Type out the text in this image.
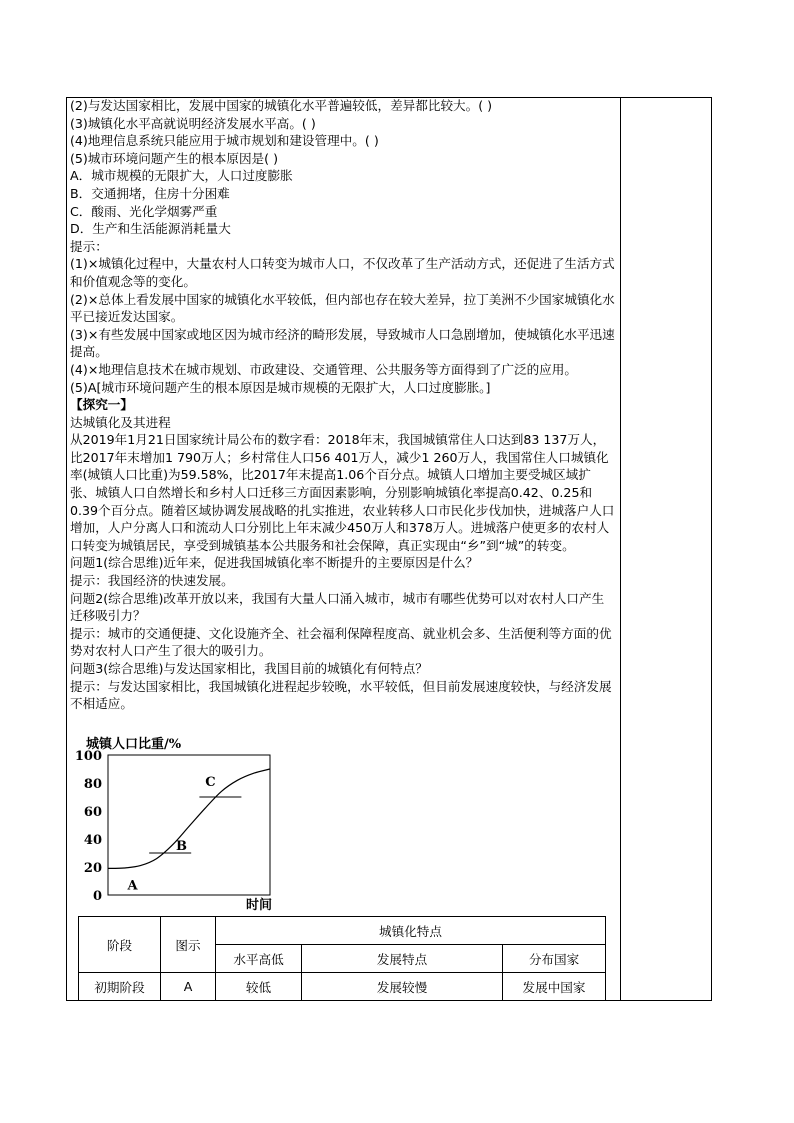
(2)与发达国家相比，发展中国家的城镇化水平普遍较低，差异都比较大。( )

(3)城镇化水平高就说明经济发展水平高。( )

(4)地理信息系统只能应用于城市规划和建设管理中。( )

(5)城市环境问题产生的根本原因是( )

A．城市规模的无限扩大，人口过度膨胀

B．交通拥堵，住房十分困难

C．酸雨、光化学烟雾严重

D．生产和生活能源消耗量大

提示：

(1)×城镇化过程中，大量农村人口转变为城市人口，不仅改革了生产活动方式，还促进了生活方式和价值观念等的变化。

(2)×总体上看发展中国家的城镇化水平较低，但内部也存在较大差异，拉丁美洲不少国家城镇化水平已接近发达国家。

(3)×有些发展中国家或地区因为城市经济的畸形发展，导致城市人口急剧增加，使城镇化水平迅速提高。

(4)×地理信息技术在城市规划、市政建设、交通管理、公共服务等方面得到了广泛的应用。

(5)A[城市环境问题产生的根本原因是城市规模的无限扩大，人口过度膨胀。]

【探究一】

达城镇化及其进程

从2019年1月21日国家统计局公布的数字看：2018年末，我国城镇常住人口达到83 137万人，比2017年末增加1 790万人；乡村常住人口56 401万人，减少1 260万人，我国常住人口城镇化率(城镇人口比重)为59.58%，比2017年末提高1.06个百分点。城镇人口增加主要受城区域扩张、城镇人口自然增长和乡村人口迁移三方面因素影响，分别影响城镇化率提高0.42、0.25和0.39个百分点。随着区域协调发展战略的扎实推进，农业转移人口市民化步伐加快，进城落户人口增加，人户分离人口和流动人口分别比上年末减少450万人和378万人。进城落户使更多的农村人口转变为城镇居民，享受到城镇基本公共服务和社会保障，真正实现由“乡”到“城”的转变。

问题1(综合思维)近年来，促进我国城镇化率不断提升的主要原因是什么？

提示：我国经济的快速发展。

问题2(综合思维)改革开放以来，我国有大量人口涌入城市，城市有哪些优势可以对农村人口产生迁移吸引力？

提示：城市的交通便捷、文化设施齐全、社会福利保障程度高、就业机会多、生活便利等方面的优势对农村人口产生了很大的吸引力。

问题3(综合思维)与发达国家相比，我国目前的城镇化有何特点？

提示：与发达国家相比，我国城镇化进程起步较晚，水平较低，但目前发展速度较快，与经济发展不相适应。

城镇人口比重/%
0
20
40
60
80
100
A
B
C
时间
阶段	图示	城镇化特点		
		水平高低	发展特点	分布国家
初期阶段	A	较低	发展较慢	发展中国家
